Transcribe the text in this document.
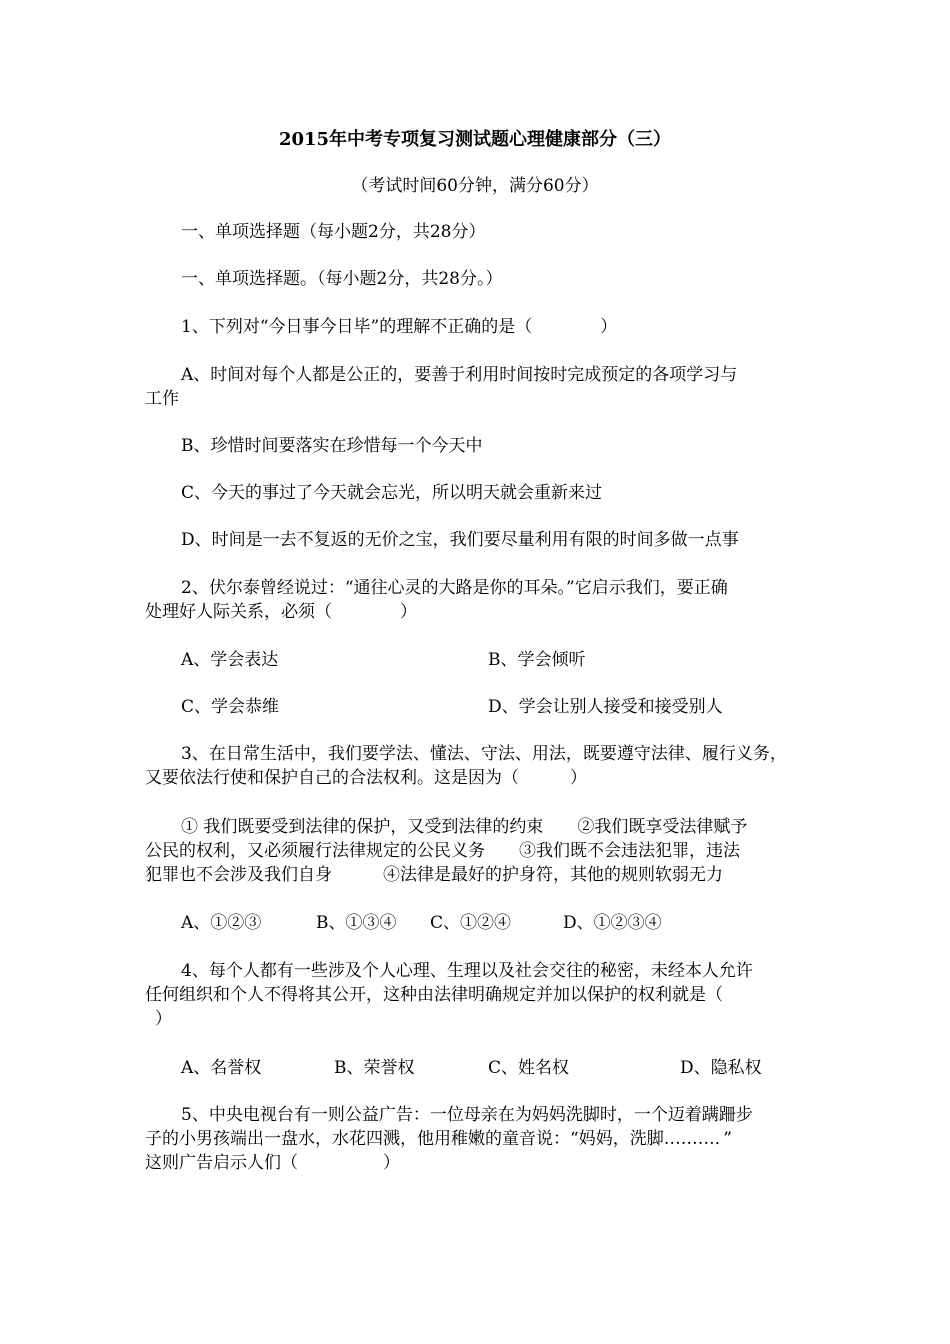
2015年中考专项复习测试题心理健康部分（三）
（考试时间60分钟，满分60分）
一、单项选择题（每小题2分，共28分）
一、单项选择题。（每小题2分，共28分。）
1、下列对“今日事今日毕”的理解不正确的是（　　　　）
A、时间对每个人都是公正的，要善于利用时间按时完成预定的各项学习与
工作
B、珍惜时间要落实在珍惜每一个今天中
C、今天的事过了今天就会忘光，所以明天就会重新来过
D、时间是一去不复返的无价之宝，我们要尽量利用有限的时间多做一点事
2、伏尔泰曾经说过：“通往心灵的大路是你的耳朵。”它启示我们，要正确
处理好人际关系，必须（　　　　）
A、学会表达	B、学会倾听
C、学会恭维	D、学会让别人接受和接受别人
3、在日常生活中，我们要学法、懂法、守法、用法，既要遵守法律、履行义务，
又要依法行使和保护自己的合法权利。这是因为（　　　）
① 我们既要受到法律的保护，又受到法律的约束　　②我们既享受法律赋予
公民的权利，又必须履行法律规定的公民义务　　③我们既不会违法犯罪，违法
犯罪也不会涉及我们自身　　　④法律是最好的护身符，其他的规则软弱无力
A、①②③	B、①③④ C、①②④	D、①②③④
4、每个人都有一些涉及个人心理、生理以及社会交往的秘密，未经本人允许
任何组织和个人不得将其公开，这种由法律明确规定并加以保护的权利就是（
）
A、名誉权	B、荣誉权	C、姓名权	D、隐私权
5、中央电视台有一则公益广告：一位母亲在为妈妈洗脚时，一个迈着蹒跚步
子的小男孩端出一盘水，水花四溅，他用稚嫩的童音说：“妈妈，洗脚………．”
这则广告启示人们（　　　　　）
